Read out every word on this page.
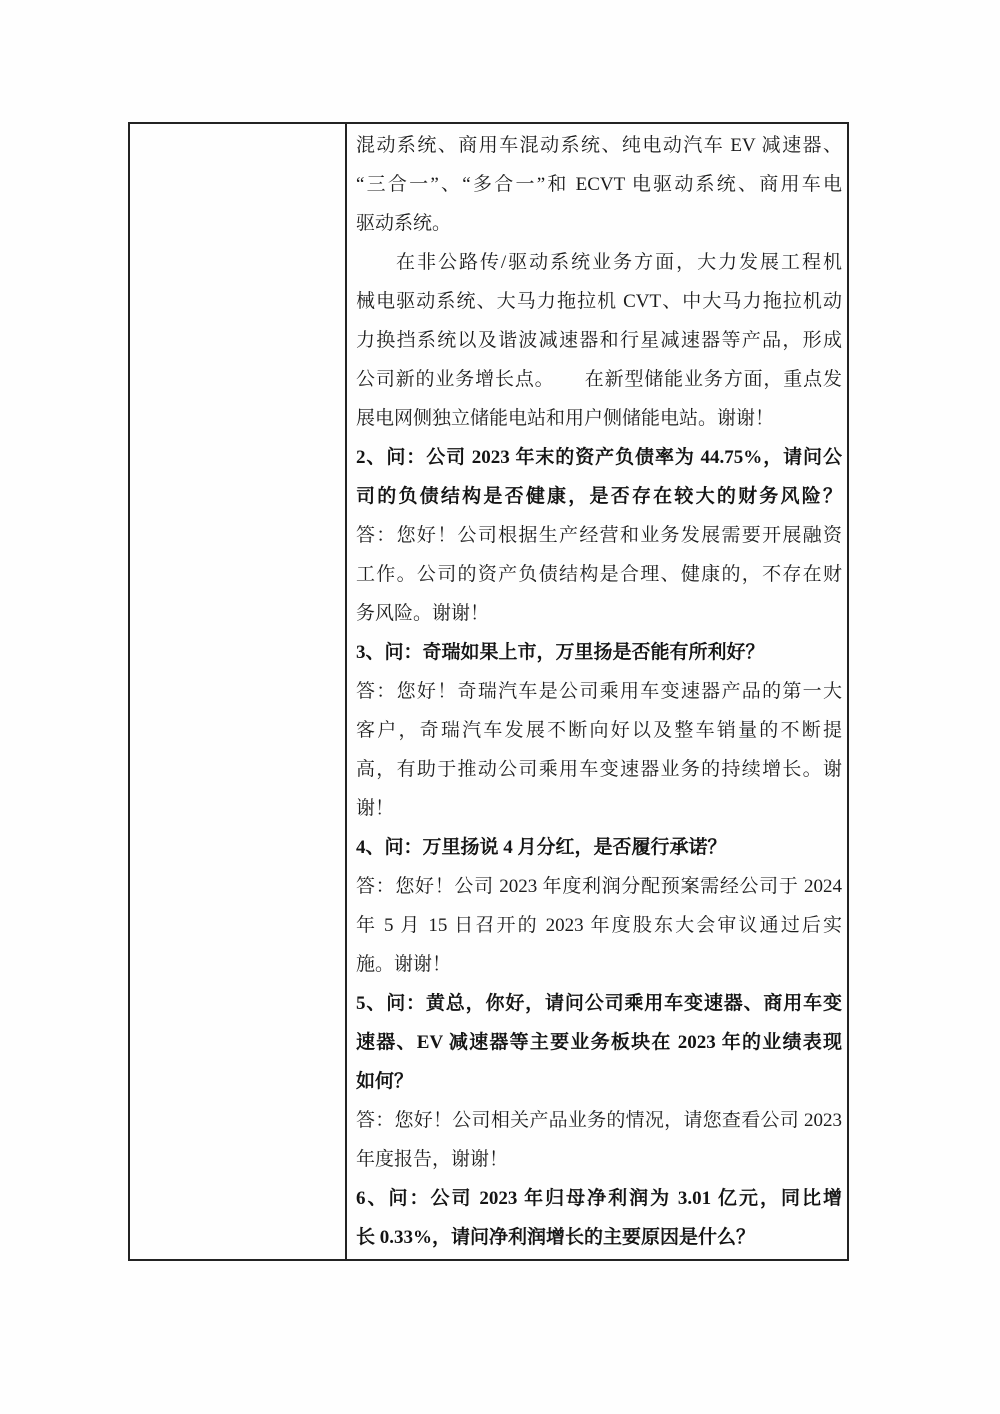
混动系统、商用车混动系统、纯电动汽车 EV 减速器、
“三合一”、“多合一”和 ECVT 电驱动系统、商用车电
驱动系统。
在非公路传/驱动系统业务方面，大力发展工程机
械电驱动系统、大马力拖拉机 CVT、中大马力拖拉机动
力换挡系统以及谐波减速器和行星减速器等产品，形成
公司新的业务增长点。　　在新型储能业务方面，重点发
展电网侧独立储能电站和用户侧储能电站。谢谢！
2、问：公司 2023 年末的资产负债率为 44.75%，请问公
司的负债结构是否健康，是否存在较大的财务风险？
答：您好！公司根据生产经营和业务发展需要开展融资
工作。公司的资产负债结构是合理、健康的，不存在财
务风险。谢谢！
3、问：奇瑞如果上市，万里扬是否能有所利好？
答：您好！奇瑞汽车是公司乘用车变速器产品的第一大
客户，奇瑞汽车发展不断向好以及整车销量的不断提
高，有助于推动公司乘用车变速器业务的持续增长。谢
谢！
4、问：万里扬说 4 月分红，是否履行承诺？
答：您好！公司 2023 年度利润分配预案需经公司于 2024
年 5 月 15 日召开的 2023 年度股东大会审议通过后实
施。谢谢！
5、问：黄总，你好，请问公司乘用车变速器、商用车变
速器、EV 减速器等主要业务板块在 2023 年的业绩表现
如何？
答：您好！公司相关产品业务的情况，请您查看公司 2023
年度报告，谢谢！
6、问：公司 2023 年归母净利润为 3.01 亿元，同比增
长 0.33%，请问净利润增长的主要原因是什么？
